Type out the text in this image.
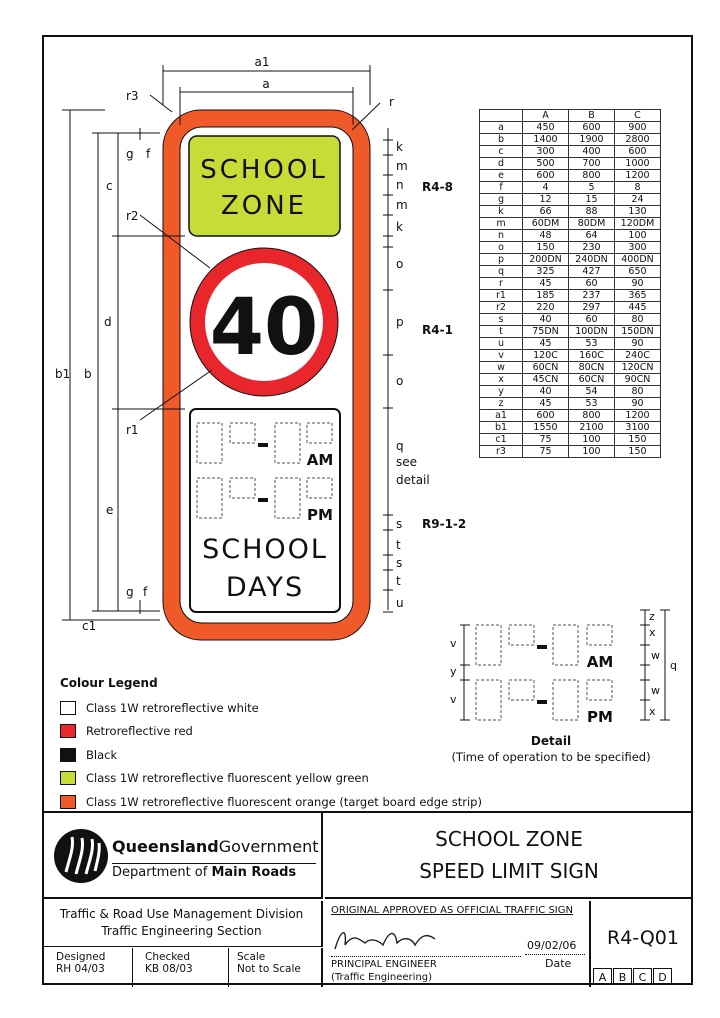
SCHOOL
ZONE
40
AM
PM
SCHOOL
DAYS
a1
a
r3	r
r2
r1
b1 b
c
d
e
c1
g f
g f
k
m
n
m
k
o
p
o
q
s
t
s
t
u
R4-8
R4-1
R9-1-2
see
detail
	A	B	C
a	450	600	900
b	1400	1900	2800
c	300	400	600
d	500	700	1000
e	600	800	1200
f	4	5	8
g	12	15	24
k	66	88	130
m	60DM	80DM	120DM
n	48	64	100
o	150	230	300
p	200DN	240DN	400DN
q	325	427	650
r	45	60	90
r1	185	237	365
r2	220	297	445
s	40	60	80
t	75DN	100DN	150DN
u	45	53	90
v	120C	160C	240C
w	60CN	80CN	120CN
x	45CN	60CN	90CN
y	40	54	80
z	45	53	90
a1	600	800	1200
b1	1550	2100	3100
c1	75	100	150
r3	75	100	150
AM
PM
v
y
v
z
x
w
w
x
q
Detail
(Time of operation to be specified)
Colour Legend
Class 1W retroreflective white
Retroreflective red
Black
Class 1W retroreflective fluorescent yellow green
Class 1W retroreflective fluorescent orange (target board edge strip)
QueenslandGovernment
Department of Main Roads
SCHOOL ZONE
SPEED LIMIT SIGN
Traffic & Road Use Management Division
Traffic Engineering Section
Designed
RH 04/03
Checked
KB 08/03
Scale
Not to Scale
ORIGINAL APPROVED AS OFFICIAL TRAFFIC SIGN
09/02/06
Date
PRINCIPAL ENGINEER
(Traffic Engineering)
R4-Q01
A	B	C	D
